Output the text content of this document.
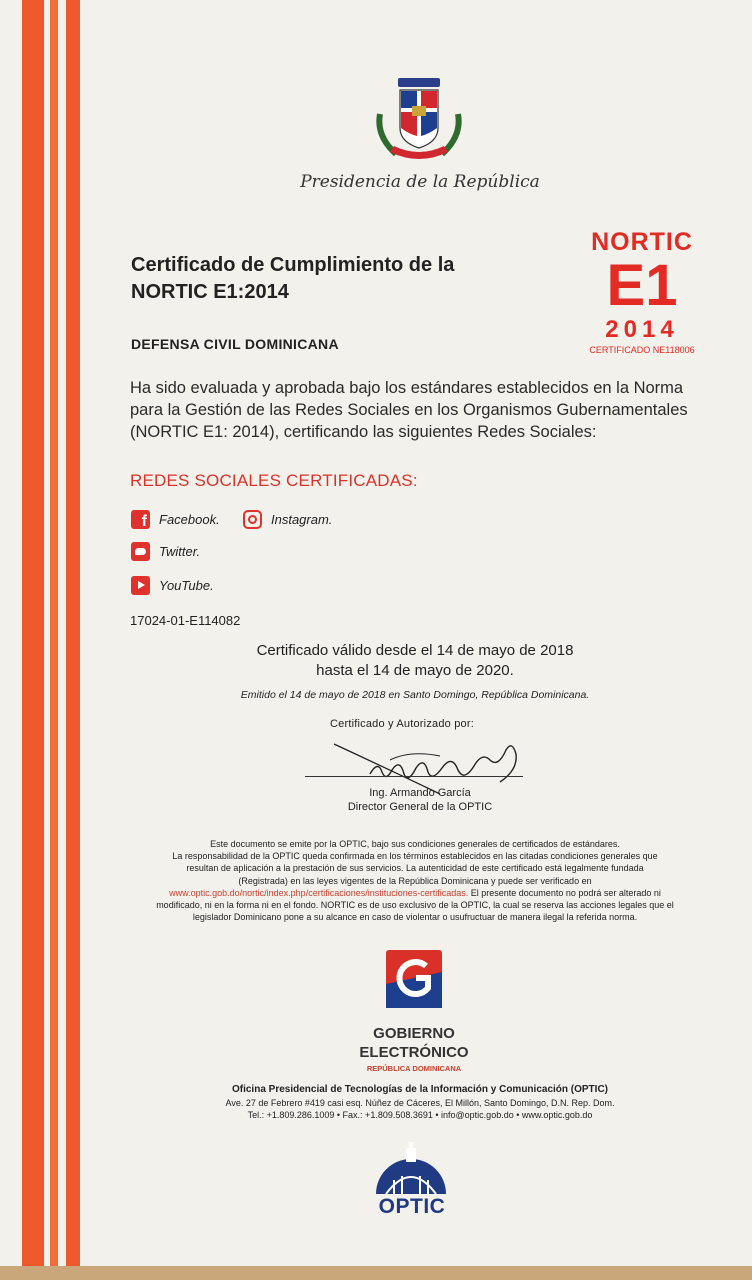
Presidencia de la República
Certificado de Cumplimiento de la
NORTIC E1:2014
NORTIC
E1
2014
CERTIFICADO NE118006
DEFENSA CIVIL DOMINICANA
Ha sido evaluada y aprobada bajo los estándares establecidos en la Norma para la Gestión de las Redes Sociales en los Organismos Gubernamentales (NORTIC E1: 2014), certificando las siguientes Redes Sociales:
REDES SOCIALES CERTIFICADAS:
f
Facebook.	Instagram.
Twitter.
YouTube.
17024-01-E114082
Certificado válido desde el 14 de mayo de 2018
hasta el 14 de mayo de 2020.
Emitido el 14 de mayo de 2018 en Santo Domingo, República Dominicana.
Certificado y Autorizado por:
Ing. Armando García
Director General de la OPTIC
Este documento se emite por la OPTIC, bajo sus condiciones generales de certificados de estándares.
La responsabilidad de la OPTIC queda confirmada en los términos establecidos en las citadas condiciones generales que
resultan de aplicación a la prestación de sus servicios. La autenticidad de este certificado está legalmente fundada
(Registrada) en las leyes vigentes de la República Dominicana y puede ser verificado en
www.optic.gob.do/nortic/index.php/certificaciones/instituciones-certificadas. El presente documento no podrá ser alterado ni
modificado, ni en la forma ni en el fondo. NORTIC es de uso exclusivo de la OPTIC, la cual se reserva las acciones legales que el
legislador Dominicano pone a su alcance en caso de violentar o usufructuar de manera ilegal la referida norma.
GOBIERNO
ELECTRÓNICO
REPÚBLICA DOMINICANA
Oficina Presidencial de Tecnologías de la Información y Comunicación (OPTIC)
Ave. 27 de Febrero #419 casi esq. Núñez de Cáceres, El Millón, Santo Domingo, D.N. Rep. Dom.
Tel.: +1.809.286.1009 • Fax.: +1.809.508.3691 • info@optic.gob.do • www.optic.gob.do
OPTIC
